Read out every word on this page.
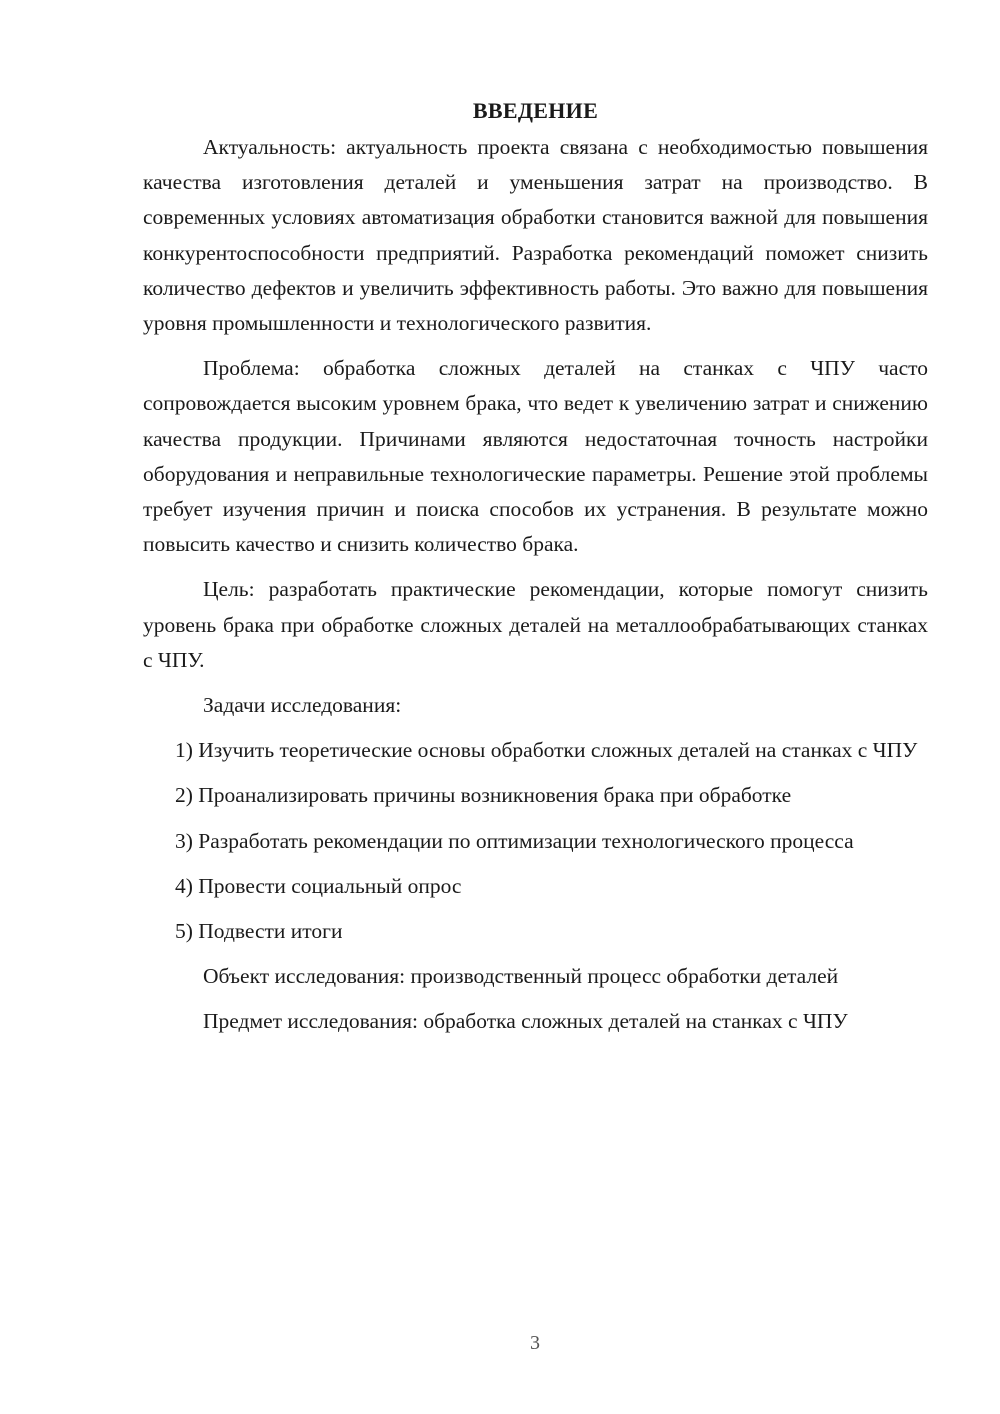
ВВЕДЕНИЕ

Актуальность: актуальность проекта связана с необходимостью повышения качества изготовления деталей и уменьшения затрат на производство. В современных условиях автоматизация обработки становится важной для повышения конкурентоспособности предприятий. Разработка рекомендаций поможет снизить количество дефектов и увеличить эффективность работы. Это важно для повышения уровня промышленности и технологического развития.

Проблема: обработка сложных деталей на станках с ЧПУ часто сопровождается высоким уровнем брака, что ведет к увеличению затрат и снижению качества продукции. Причинами являются недостаточная точность настройки оборудования и неправильные технологические параметры. Решение этой проблемы требует изучения причин и поиска способов их устранения. В результате можно повысить качество и снизить количество брака.

Цель: разработать практические рекомендации, которые помогут снизить уровень брака при обработке сложных деталей на металлообрабатывающих станках с ЧПУ.

Задачи исследования:

1) Изучить теоретические основы обработки сложных деталей на станках с ЧПУ

2) Проанализировать причины возникновения брака при обработке

3) Разработать рекомендации по оптимизации технологического процесса

4) Провести социальный опрос

5) Подвести итоги

Объект исследования: производственный процесс обработки деталей

Предмет исследования: обработка сложных деталей на станках с ЧПУ

3
